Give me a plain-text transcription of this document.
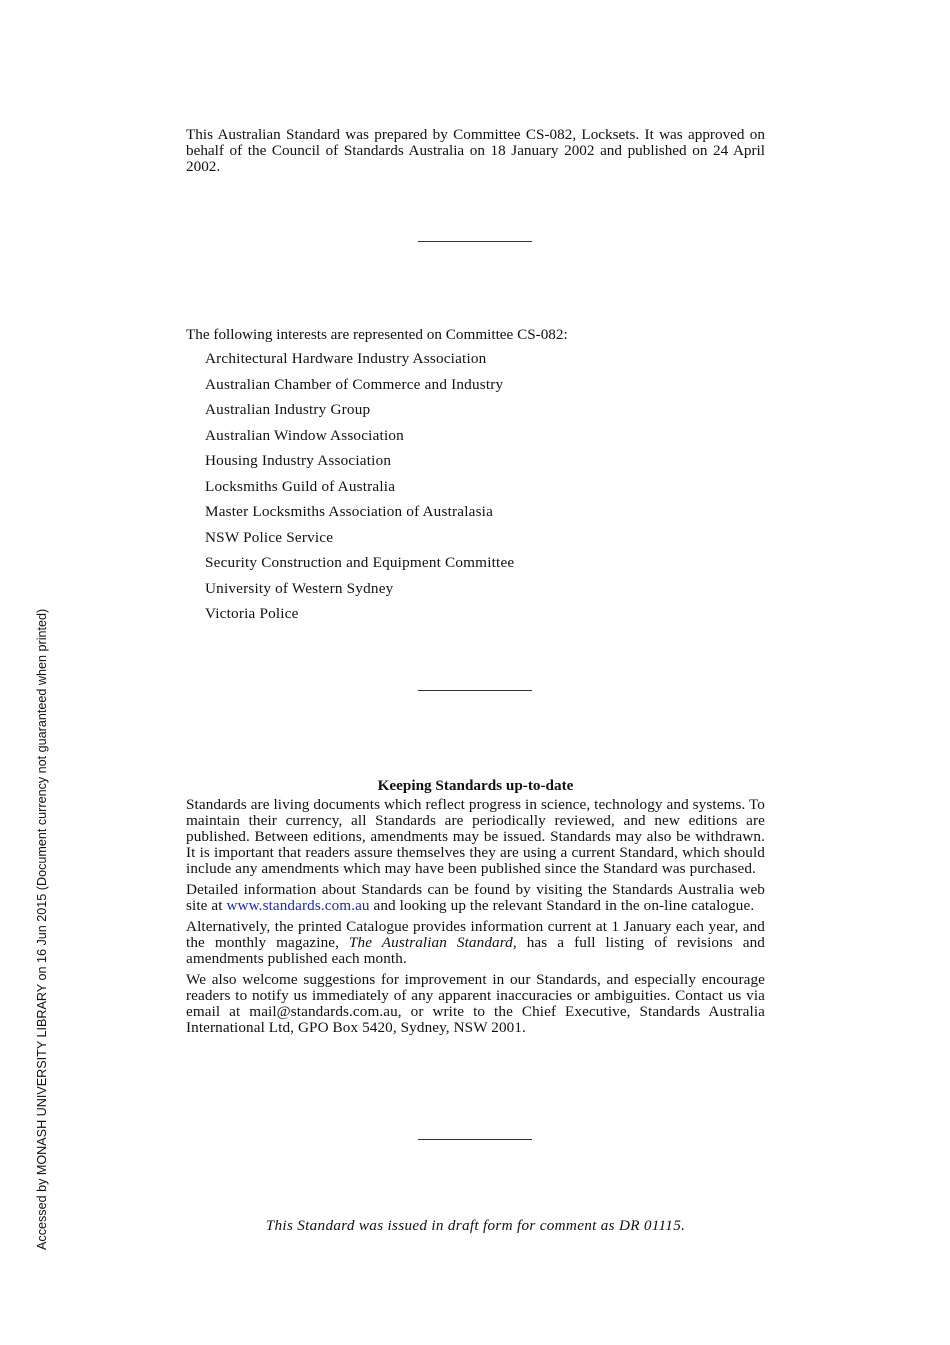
This Australian Standard was prepared by Committee CS-082, Locksets. It was approved on behalf of the Council of Standards Australia on 18 January 2002 and published on 24 April 2002.
The following interests are represented on Committee CS-082:
Architectural Hardware Industry Association
Australian Chamber of Commerce and Industry
Australian Industry Group
Australian Window Association
Housing Industry Association
Locksmiths Guild of Australia
Master Locksmiths Association of Australasia
NSW Police Service
Security Construction and Equipment Committee
University of Western Sydney
Victoria Police
Keeping Standards up-to-date

Standards are living documents which reflect progress in science, technology and systems. To maintain their currency, all Standards are periodically reviewed, and new editions are published. Between editions, amendments may be issued. Standards may also be withdrawn. It is important that readers assure themselves they are using a current Standard, which should include any amendments which may have been published since the Standard was purchased.

Detailed information about Standards can be found by visiting the Standards Australia web site at www.standards.com.au and looking up the relevant Standard in the on-line catalogue.

Alternatively, the printed Catalogue provides information current at 1 January each year, and the monthly magazine, The Australian Standard, has a full listing of revisions and amendments published each month.

We also welcome suggestions for improvement in our Standards, and especially encourage readers to notify us immediately of any apparent inaccuracies or ambiguities. Contact us via email at mail@standards.com.au, or write to the Chief Executive, Standards Australia International Ltd, GPO Box 5420, Sydney, NSW 2001.

This Standard was issued in draft form for comment as DR 01115.
Accessed by MONASH UNIVERSITY LIBRARY on 16 Jun 2015 (Document currency not guaranteed when printed)
